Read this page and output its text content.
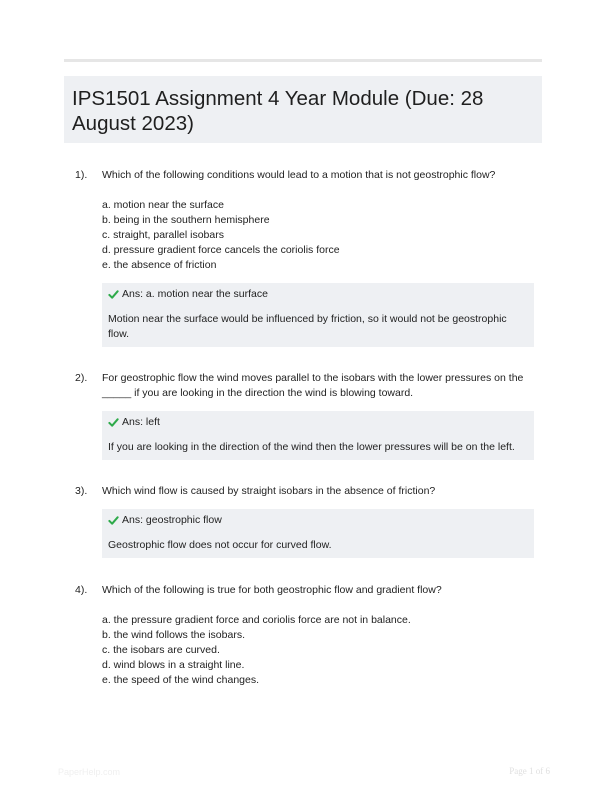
IPS1501 Assignment 4 Year Module (Due: 28 August 2023)
1). Which of the following conditions would lead to a motion that is not geostrophic flow?
a. motion near the surface
b. being in the southern hemisphere
c. straight, parallel isobars
d. pressure gradient force cancels the coriolis force
e. the absence of friction
Ans: a. motion near the surface
Motion near the surface would be influenced by friction, so it would not be geostrophic flow.
2). For geostrophic flow the wind moves parallel to the isobars with the lower pressures on the _____ if you are looking in the direction the wind is blowing toward.
Ans: left
If you are looking in the direction of the wind then the lower pressures will be on the left.
3). Which wind flow is caused by straight isobars in the absence of friction?
Ans: geostrophic flow
Geostrophic flow does not occur for curved flow.
4). Which of the following is true for both geostrophic flow and gradient flow?
a. the pressure gradient force and coriolis force are not in balance.
b. the wind follows the isobars.
c. the isobars are curved.
d. wind blows in a straight line.
e. the speed of the wind changes.
PaperHelp.com	Page 1 of 6
